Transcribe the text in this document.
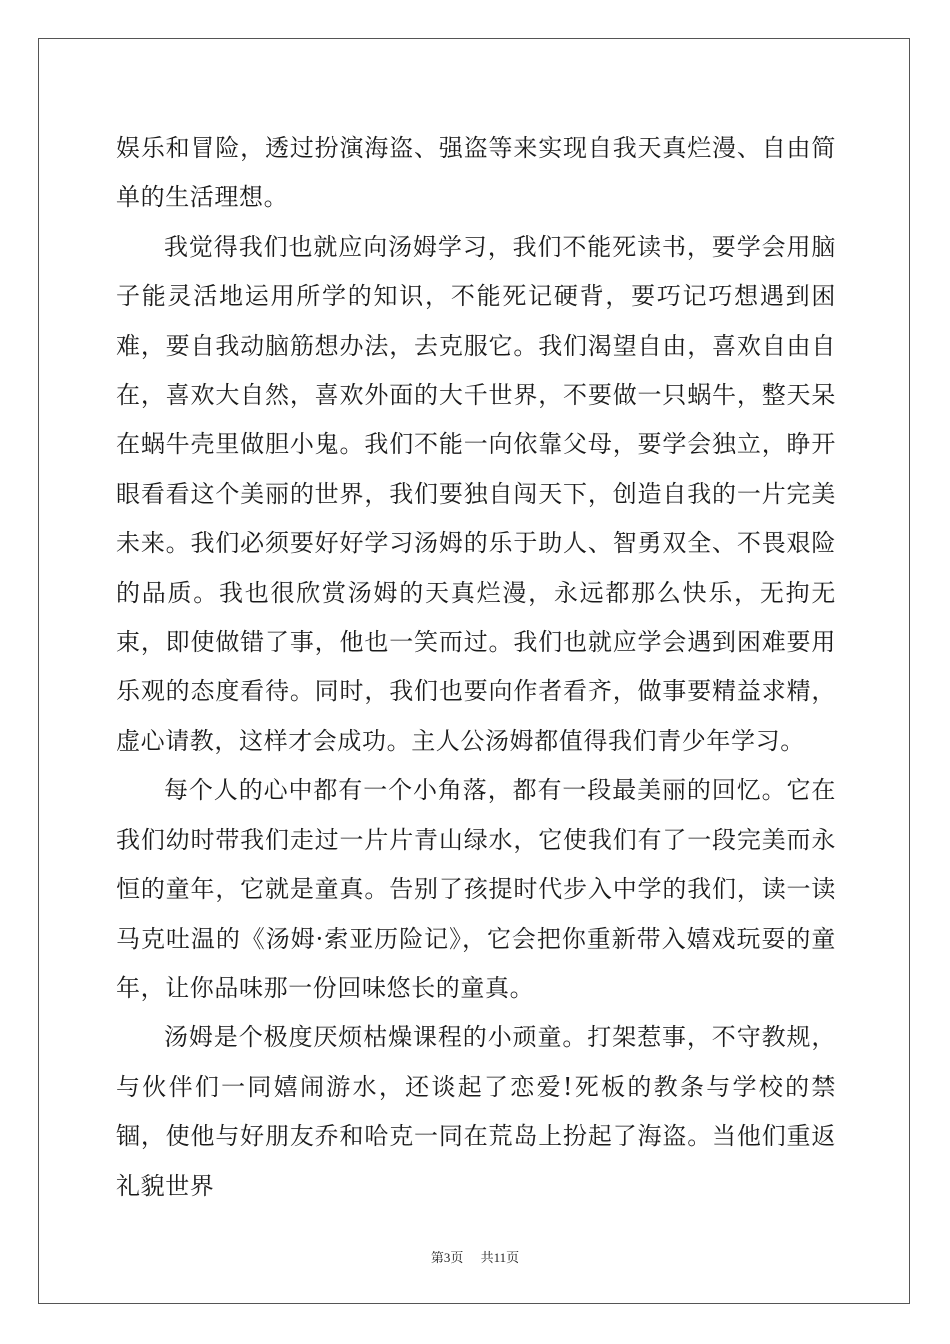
娱乐和冒险，透过扮演海盗、强盗等来实现自我天真烂漫、自由简单的生活理想。

我觉得我们也就应向汤姆学习，我们不能死读书，要学会用脑子能灵活地运用所学的知识，不能死记硬背，要巧记巧想遇到困难，要自我动脑筋想办法，去克服它。我们渴望自由，喜欢自由自在，喜欢大自然，喜欢外面的大千世界，不要做一只蜗牛，整天呆在蜗牛壳里做胆小鬼。我们不能一向依靠父母，要学会独立，睁开眼看看这个美丽的世界，我们要独自闯天下，创造自我的一片完美未来。我们必须要好好学习汤姆的乐于助人、智勇双全、不畏艰险的品质。我也很欣赏汤姆的天真烂漫，永远都那么快乐，无拘无束，即使做错了事，他也一笑而过。我们也就应学会遇到困难要用乐观的态度看待。同时，我们也要向作者看齐，做事要精益求精，虚心请教，这样才会成功。主人公汤姆都值得我们青少年学习。

每个人的心中都有一个小角落，都有一段最美丽的回忆。它在我们幼时带我们走过一片片青山绿水，它使我们有了一段完美而永恒的童年，它就是童真。告别了孩提时代步入中学的我们，读一读马克吐温的《汤姆·索亚历险记》，它会把你重新带入嬉戏玩耍的童年，让你品味那一份回味悠长的童真。

汤姆是个极度厌烦枯燥课程的小顽童。打架惹事，不守教规，与伙伴们一同嬉闹游水，还谈起了恋爱!死板的教条与学校的禁锢，使他与好朋友乔和哈克一同在荒岛上扮起了海盗。当他们重返礼貌世界

第3页 共11页
